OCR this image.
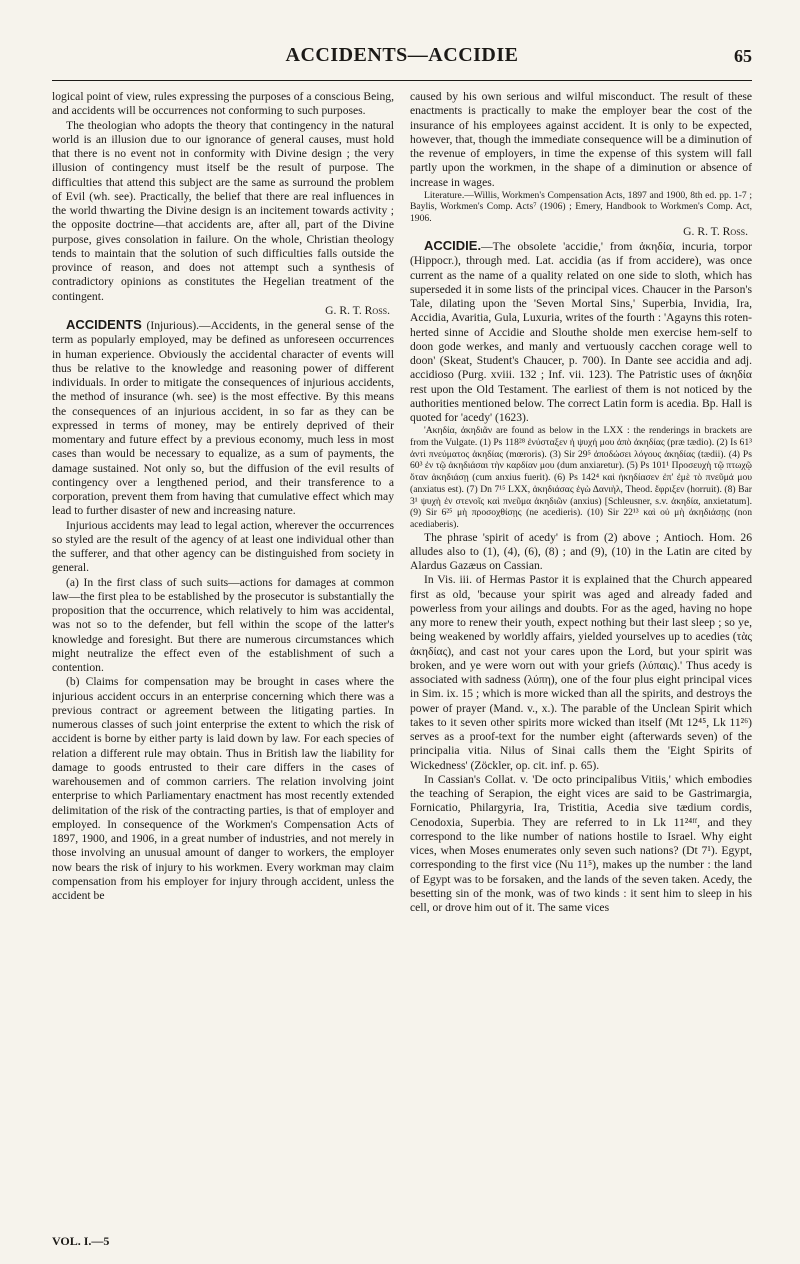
ACCIDENTS—ACCIDIE	65

logical point of view, rules expressing the purposes of a conscious Being, and accidents will be occurrences not conforming to such purposes.

The theologian who adopts the theory that contingency in the natural world is an illusion due to our ignorance of general causes, must hold that there is no event not in conformity with Divine design ; the very illusion of contingency must itself be the result of purpose. The difficulties that attend this subject are the same as surround the problem of Evil (wh. see). Practically, the belief that there are real influences in the world thwarting the Divine design is an incitement towards activity ; the opposite doctrine—that accidents are, after all, part of the Divine purpose, gives consolation in failure. On the whole, Christian theology tends to maintain that the solution of such difficulties falls outside the province of reason, and does not attempt such a synthesis of contradictory opinions as constitutes the Hegelian treatment of the contingent.

G. R. T. Ross.

ACCIDENTS (Injurious).—Accidents, in the general sense of the term as popularly employed, may be defined as unforeseen occurrences in human experience. Obviously the accidental character of events will thus be relative to the knowledge and reasoning power of different individuals. In order to mitigate the consequences of injurious accidents, the method of insurance (wh. see) is the most effective. By this means the consequences of an injurious accident, in so far as they can be expressed in terms of money, may be entirely deprived of their momentary and future effect by a previous economy, much less in most cases than would be necessary to equalize, as a sum of payments, the damage sustained. Not only so, but the diffusion of the evil results of contingency over a lengthened period, and their transference to a corporation, prevent them from having that cumulative effect which may lead to further disaster of new and increasing nature.

Injurious accidents may lead to legal action, wherever the occurrences so styled are the result of the agency of at least one individual other than the sufferer, and that other agency can be distinguished from society in general.

(a) In the first class of such suits—actions for damages at common law—the first plea to be established by the prosecutor is substantially the proposition that the occurrence, which relatively to him was accidental, was not so to the defender, but fell within the scope of the latter's knowledge and foresight. But there are numerous circumstances which might neutralize the effect even of the establishment of such a contention.

(b) Claims for compensation may be brought in cases where the injurious accident occurs in an enterprise concerning which there was a previous contract or agreement between the litigating parties. In numerous classes of such joint enterprise the extent to which the risk of accident is borne by either party is laid down by law. For each species of relation a different rule may obtain. Thus in British law the liability for damage to goods entrusted to their care differs in the cases of warehousemen and of common carriers. The relation involving joint enterprise to which Parliamentary enactment has most recently extended delimitation of the risk of the contracting parties, is that of employer and employed. In consequence of the Workmen's Compensation Acts of 1897, 1900, and 1906, in a great number of industries, and not merely in those involving an unusual amount of danger to workers, the employer now bears the risk of injury to his workmen. Every workman may claim compensation from his employer for injury through accident, unless the accident be

caused by his own serious and wilful misconduct. The result of these enactments is practically to make the employer bear the cost of the insurance of his employees against accident. It is only to be expected, however, that, though the immediate consequence will be a diminution of the revenue of employers, in time the expense of this system will fall partly upon the workmen, in the shape of a diminution or absence of increase in wages.

Literature.—Willis, Workmen's Compensation Acts, 1897 and 1900, 8th ed. pp. 1-7 ; Baylis, Workmen's Comp. Acts⁷ (1906) ; Emery, Handbook to Workmen's Comp. Act, 1906.

G. R. T. Ross.

ACCIDIE.—The obsolete 'accidie,' from ἀκηδία, incuria, torpor (Hippocr.), through med. Lat. accidia (as if from accidere), was once current as the name of a quality related on one side to sloth, which has superseded it in some lists of the principal vices. Chaucer in the Parson's Tale, dilating upon the 'Seven Mortal Sins,' Superbia, Invidia, Ira, Accidia, Avaritia, Gula, Luxuria, writes of the fourth : 'Agayns this roten-herted sinne of Accidie and Slouthe sholde men exercise hem-self to doon gode werkes, and manly and vertuously cacchen corage well to doon' (Skeat, Student's Chaucer, p. 700). In Dante see accidia and adj. accidioso (Purg. xviii. 132 ; Inf. vii. 123). The Patristic uses of ἀκηδία rest upon the Old Testament. The earliest of them is not noticed by the authorities mentioned below. The correct Latin form is acedia. Bp. Hall is quoted for 'acedy' (1623).

'Ακηδία, ἀκηδιᾶν are found as below in the LXX : the renderings in brackets are from the Vulgate. (1) Ps 118²⁸ ἐνύσταξεν ἡ ψυχή μου ἀπὸ ἀκηδίας (præ tædio). (2) Is 61³ ἀντὶ πνεύματος ἀκηδίας (mœroris). (3) Sir 29⁵ ἀποδώσει λόγους ἀκηδίας (tædii). (4) Ps 60³ ἐν τῷ ἀκηδιάσαι τὴν καρδίαν μου (dum anxiaretur). (5) Ps 101¹ Προσευχὴ τῷ πτωχῷ ὅταν ἀκηδιάσῃ (cum anxius fuerit). (6) Ps 142⁴ καὶ ἠκηδίασεν ἐπ' ἐμὲ τὸ πνεῦμά μου (anxiatus est). (7) Dn 7¹⁵ LXX, ἀκηδιάσας ἐγὼ Δανιὴλ, Theod. ἔφριξεν (horruit). (8) Bar 3¹ ψυχὴ ἐν στενοῖς καὶ πνεῦμα ἀκηδιῶν (anxius) [Schleusner, s.v. ἀκηδία, anxietatum]. (9) Sir 6²⁵ μὴ προσοχθίσῃς (ne acedieris). (10) Sir 22¹³ καὶ οὐ μὴ ἀκηδιάσῃς (non acediaberis).

The phrase 'spirit of acedy' is from (2) above ; Antioch. Hom. 26 alludes also to (1), (4), (6), (8) ; and (9), (10) in the Latin are cited by Alardus Gazæus on Cassian.

In Vis. iii. of Hermas Pastor it is explained that the Church appeared first as old, 'because your spirit was aged and already faded and powerless from your ailings and doubts. For as the aged, having no hope any more to renew their youth, expect nothing but their last sleep ; so ye, being weakened by worldly affairs, yielded yourselves up to acedies (τὰς ἀκηδίας), and cast not your cares upon the Lord, but your spirit was broken, and ye were worn out with your griefs (λύπαις).' Thus acedy is associated with sadness (λύπη), one of the four plus eight principal vices in Sim. ix. 15 ; which is more wicked than all the spirits, and destroys the power of prayer (Mand. v., x.). The parable of the Unclean Spirit which takes to it seven other spirits more wicked than itself (Mt 12⁴⁵, Lk 11²⁶) serves as a proof-text for the number eight (afterwards seven) of the principalia vitia. Nilus of Sinai calls them the 'Eight Spirits of Wickedness' (Zöckler, op. cit. inf. p. 65).

In Cassian's Collat. v. 'De octo principalibus Vitiis,' which embodies the teaching of Serapion, the eight vices are said to be Gastrimargia, Fornicatio, Philargyria, Ira, Tristitia, Acedia sive tædium cordis, Cenodoxia, Superbia. They are referred to in Lk 11²⁴ᶠᶠ, and they correspond to the like number of nations hostile to Israel. Why eight vices, when Moses enumerates only seven such nations? (Dt 7¹). Egypt, corresponding to the first vice (Nu 11⁵), makes up the number : the land of Egypt was to be forsaken, and the lands of the seven taken. Acedy, the besetting sin of the monk, was of two kinds : it sent him to sleep in his cell, or drove him out of it. The same vices

VOL. I.—5
